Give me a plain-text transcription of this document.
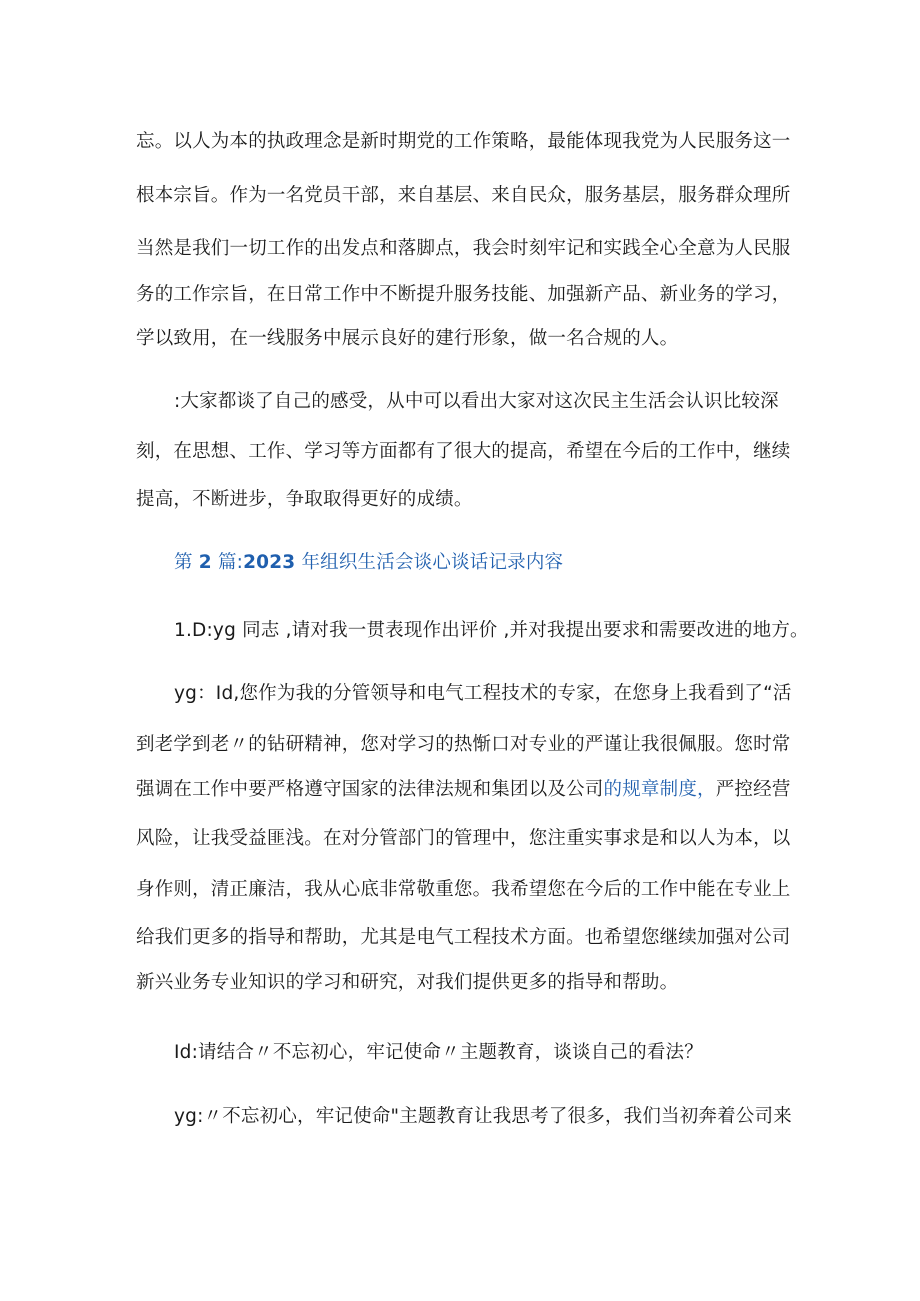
忘。以人为本的执政理念是新时期党的工作策略，最能体现我党为人民服务这一
根本宗旨。作为一名党员干部，来自基层、来自民众，服务基层，服务群众理所
当然是我们一切工作的出发点和落脚点，我会时刻牢记和实践全心全意为人民服
务的工作宗旨，在日常工作中不断提升服务技能、加强新产品、新业务的学习，
学以致用，在一线服务中展示良好的建行形象，做一名合规的人。
:大家都谈了自己的感受，从中可以看出大家对这次民主生活会认识比较深
刻，在思想、工作、学习等方面都有了很大的提高，希望在今后的工作中，继续
提高，不断进步，争取取得更好的成绩。
第 2 篇:2023 年组织生活会谈心谈话记录内容
1.D:yg 同志 ,请对我一贯表现作出评价 ,并对我提出要求和需要改进的地方。
yg：Id,您作为我的分管领导和电气工程技术的专家，在您身上我看到了“活
到老学到老〃的钻研精神，您对学习的热惭口对专业的严谨让我很佩服。您时常
强调在工作中要严格遵守国家的法律法规和集团以及公司的规章制度，严控经营
风险，让我受益匪浅。在对分管部门的管理中，您注重实事求是和以人为本，以
身作则，清正廉洁，我从心底非常敬重您。我希望您在今后的工作中能在专业上
给我们更多的指导和帮助，尤其是电气工程技术方面。也希望您继续加强对公司
新兴业务专业知识的学习和研究，对我们提供更多的指导和帮助。
Id:请结合〃不忘初心，牢记使命〃主题教育，谈谈自己的看法？
yg:〃不忘初心，牢记使命"主题教育让我思考了很多，我们当初奔着公司来
